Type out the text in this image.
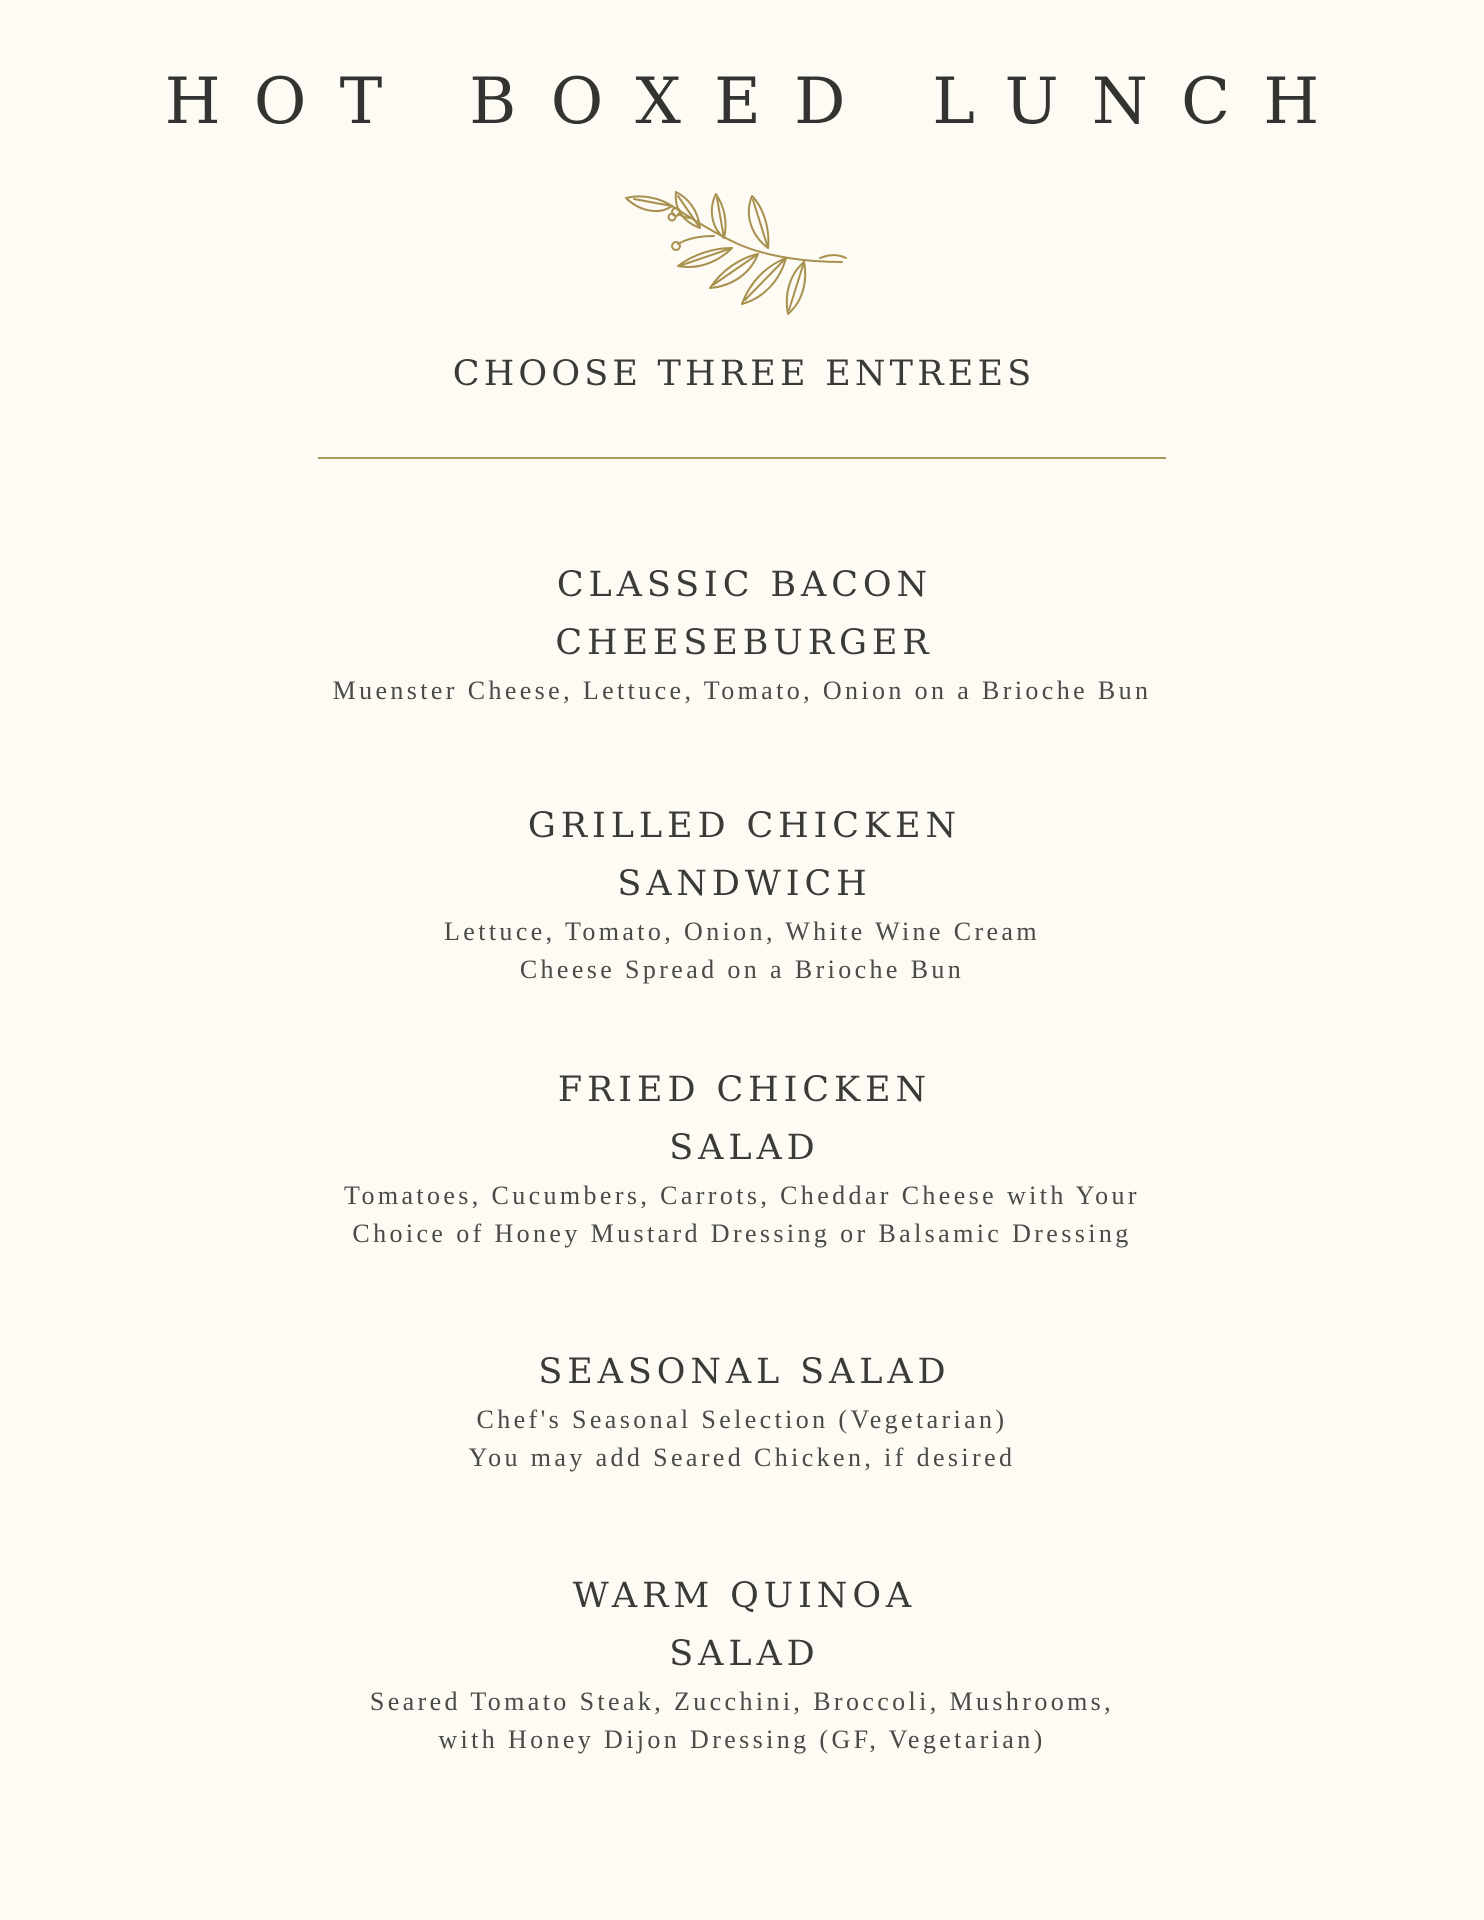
HOT BOXED LUNCH
CHOOSE THREE ENTREES
CLASSIC BACON
CHEESEBURGER
Muenster Cheese, Lettuce, Tomato, Onion on a Brioche Bun
GRILLED CHICKEN
SANDWICH
Lettuce, Tomato, Onion, White Wine Cream
Cheese Spread on a Brioche Bun
FRIED CHICKEN
SALAD
Tomatoes, Cucumbers, Carrots, Cheddar Cheese with Your
Choice of Honey Mustard Dressing or Balsamic Dressing
SEASONAL SALAD
Chef's Seasonal Selection (Vegetarian)
You may add Seared Chicken, if desired
WARM QUINOA
SALAD
Seared Tomato Steak, Zucchini, Broccoli, Mushrooms,
with Honey Dijon Dressing (GF, Vegetarian)
